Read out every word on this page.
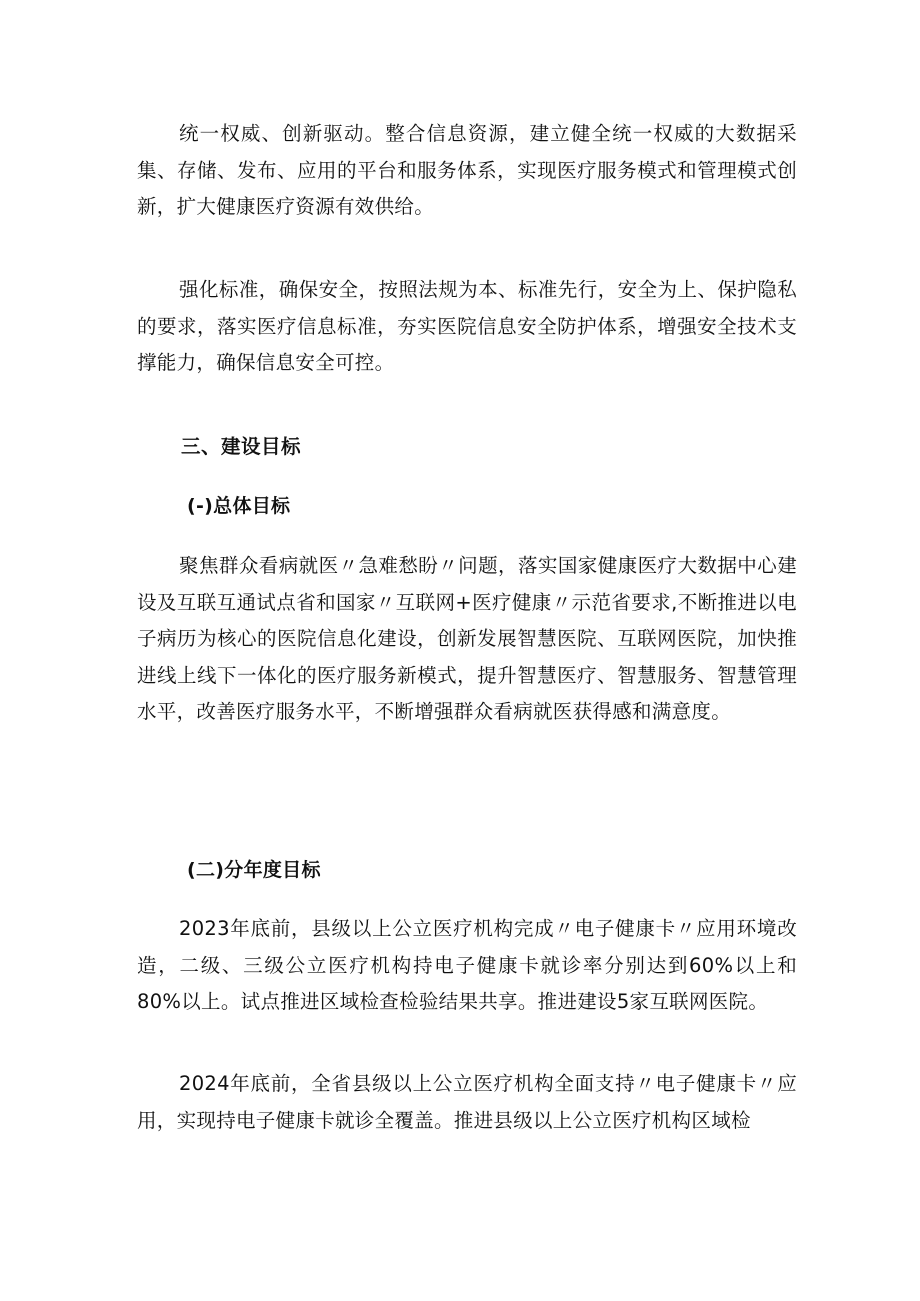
统一权威、创新驱动。整合信息资源，建立健全统一权威的大数据采集、存储、发布、应用的平台和服务体系，实现医疗服务模式和管理模式创新，扩大健康医疗资源有效供给。

强化标准，确保安全，按照法规为本、标准先行，安全为上、保护隐私的要求，落实医疗信息标准，夯实医院信息安全防护体系，增强安全技术支撑能力，确保信息安全可控。

三、建设目标
(-)总体目标

聚焦群众看病就医〃急难愁盼〃问题，落实国家健康医疗大数据中心建设及互联互通试点省和国家〃互联网+医疗健康〃示范省要求,不断推进以电子病历为核心的医院信息化建设，创新发展智慧医院、互联网医院，加快推进线上线下一体化的医疗服务新模式，提升智慧医疗、智慧服务、智慧管理水平，改善医疗服务水平，不断增强群众看病就医获得感和满意度。

(二)分年度目标

2023年底前，县级以上公立医疗机构完成〃电子健康卡〃应用环境改造，二级、三级公立医疗机构持电子健康卡就诊率分别达到60%以上和80%以上。试点推进区域检查检验结果共享。推进建设5家互联网医院。

2024年底前，全省县级以上公立医疗机构全面支持〃电子健康卡〃应用，实现持电子健康卡就诊全覆盖。推进县级以上公立医疗机构区域检
